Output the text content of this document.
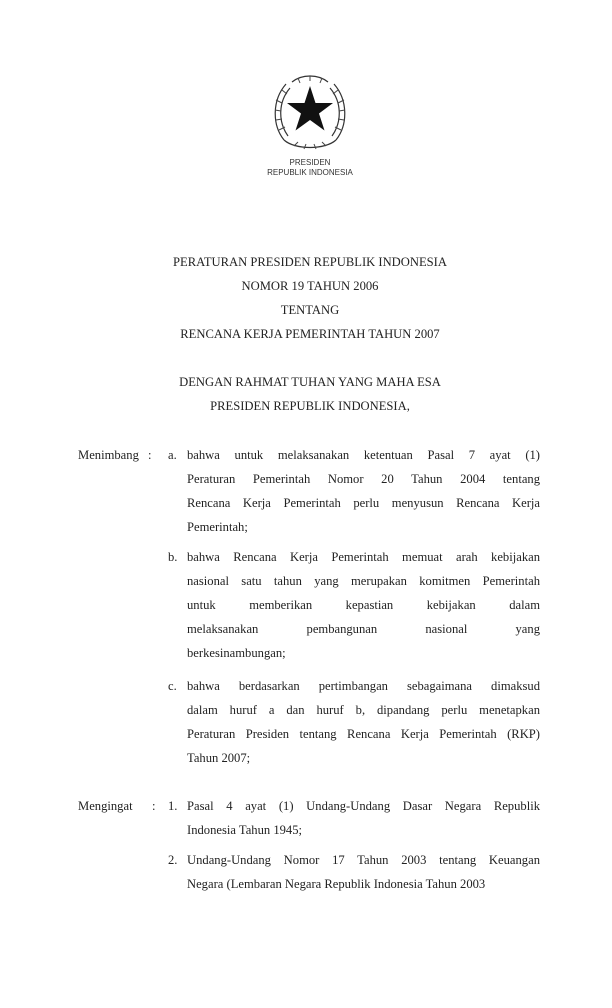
PRESIDEN
REPUBLIK INDONESIA
PERATURAN PRESIDEN REPUBLIK INDONESIA
NOMOR 19 TAHUN 2006
TENTANG
RENCANA KERJA PEMERINTAH TAHUN 2007
DENGAN RAHMAT TUHAN YANG MAHA ESA
PRESIDEN REPUBLIK INDONESIA,
Menimbang : a. bahwa untuk melaksanakan ketentuan Pasal 7 ayat (1)
Peraturan Pemerintah Nomor 20 Tahun 2004 tentang
Rencana Kerja Pemerintah perlu menyusun Rencana Kerja
Pemerintah;
b. bahwa Rencana Kerja Pemerintah memuat arah kebijakan
nasional satu tahun yang merupakan komitmen Pemerintah
untuk memberikan kepastian kebijakan dalam
melaksanakan pembangunan nasional yang
berkesinambungan;
c. bahwa berdasarkan pertimbangan sebagaimana dimaksud
dalam huruf a dan huruf b, dipandang perlu menetapkan
Peraturan Presiden tentang Rencana Kerja Pemerintah (RKP)
Tahun 2007;
Mengingat : 1. Pasal 4 ayat (1) Undang-Undang Dasar Negara Republik
Indonesia Tahun 1945;
2. Undang-Undang Nomor 17 Tahun 2003 tentang Keuangan
Negara (Lembaran Negara Republik Indonesia Tahun 2003
